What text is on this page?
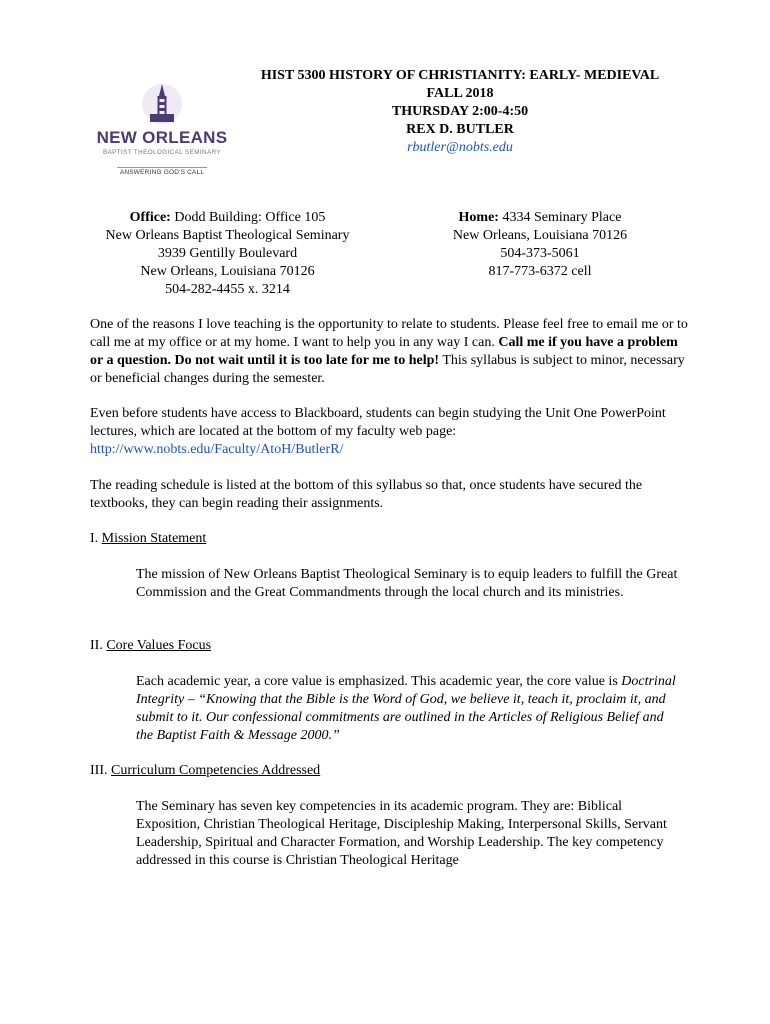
NEW ORLEANS
BAPTIST THEOLOGICAL SEMINARY
ANSWERING GOD'S CALL
HIST 5300 HISTORY OF CHRISTIANITY: EARLY- MEDIEVAL
FALL 2018
THURSDAY 2:00-4:50
REX D. BUTLER
rbutler@nobts.edu
Office: Dodd Building: Office 105
New Orleans Baptist Theological Seminary
3939 Gentilly Boulevard
New Orleans, Louisiana 70126
504-282-4455 x. 3214
Home: 4334 Seminary Place
New Orleans, Louisiana 70126
504-373-5061
817-773-6372 cell

One of the reasons I love teaching is the opportunity to relate to students. Please feel free to email me or to call me at my office or at my home. I want to help you in any way I can. Call me if you have a problem or a question. Do not wait until it is too late for me to help! This syllabus is subject to minor, necessary or beneficial changes during the semester.

Even before students have access to Blackboard, students can begin studying the Unit One PowerPoint lectures, which are located at the bottom of my faculty web page: http://www.nobts.edu/Faculty/AtoH/ButlerR/

The reading schedule is listed at the bottom of this syllabus so that, once students have secured the textbooks, they can begin reading their assignments.

I. Mission Statement

The mission of New Orleans Baptist Theological Seminary is to equip leaders to fulfill the Great Commission and the Great Commandments through the local church and its ministries.

II. Core Values Focus

Each academic year, a core value is emphasized. This academic year, the core value is Doctrinal Integrity – “Knowing that the Bible is the Word of God, we believe it, teach it, proclaim it, and submit to it. Our confessional commitments are outlined in the Articles of Religious Belief and the Baptist Faith & Message 2000.”

III. Curriculum Competencies Addressed

The Seminary has seven key competencies in its academic program. They are: Biblical Exposition, Christian Theological Heritage, Discipleship Making, Interpersonal Skills, Servant Leadership, Spiritual and Character Formation, and Worship Leadership. The key competency addressed in this course is Christian Theological Heritage
